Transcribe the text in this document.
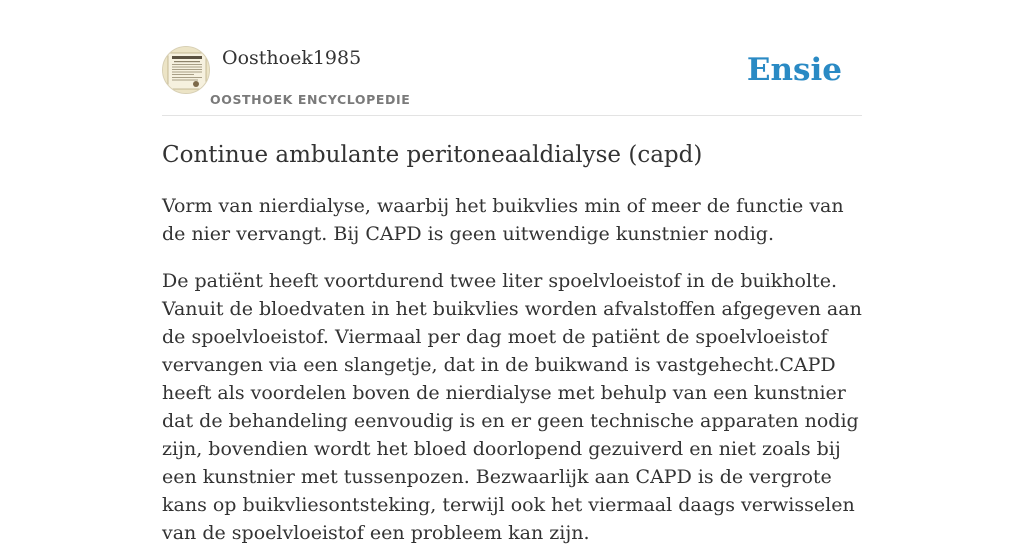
Oosthoek1985
OOSTHOEK ENCYCLOPEDIE
Ensie
Continue ambulante peritoneaaldialyse (capd)

Vorm van nierdialyse, waarbij het buikvlies min of meer de functie van de nier vervangt. Bij CAPD is geen uitwendige kunstnier nodig.

De patiënt heeft voortdurend twee liter spoelvloeistof in de buikholte. Vanuit de bloedvaten in het buikvlies worden afvalstoffen afgegeven aan de spoelvloeistof. Viermaal per dag moet de patiënt de spoelvloeistof vervangen via een slangetje, dat in de buikwand is vastgehecht.CAPD heeft als voordelen boven de nierdialyse met behulp van een kunstnier dat de behandeling eenvoudig is en er geen technische apparaten nodig zijn, bovendien wordt het bloed doorlopend gezuiverd en niet zoals bij een kunstnier met tussenpozen. Bezwaarlijk aan CAPD is de vergrote kans op buikvliesontsteking, terwijl ook het viermaal daags verwisselen van de spoelvloeistof een probleem kan zijn.
